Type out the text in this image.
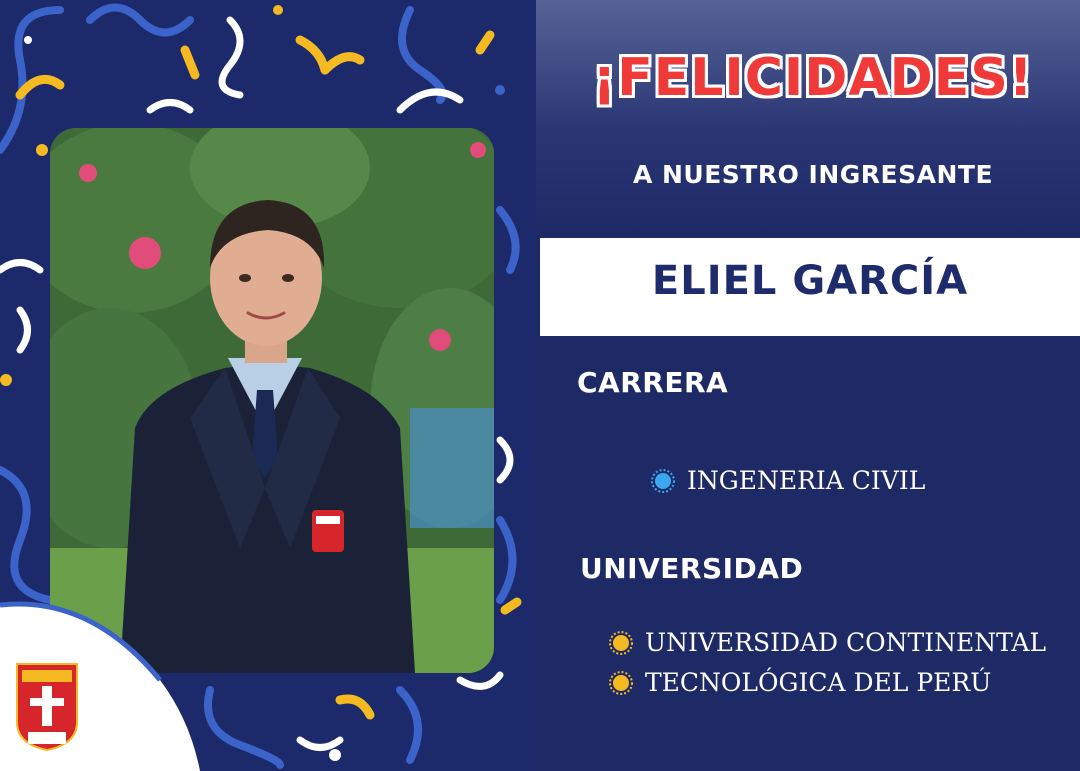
¡FELICIDADES!
A NUESTRO INGRESANTE
ELIEL GARCÍA
CARRERA
INGENERIA CIVIL
UNIVERSIDAD
UNIVERSIDAD CONTINENTAL
TECNOLÓGICA DEL PERÚ
